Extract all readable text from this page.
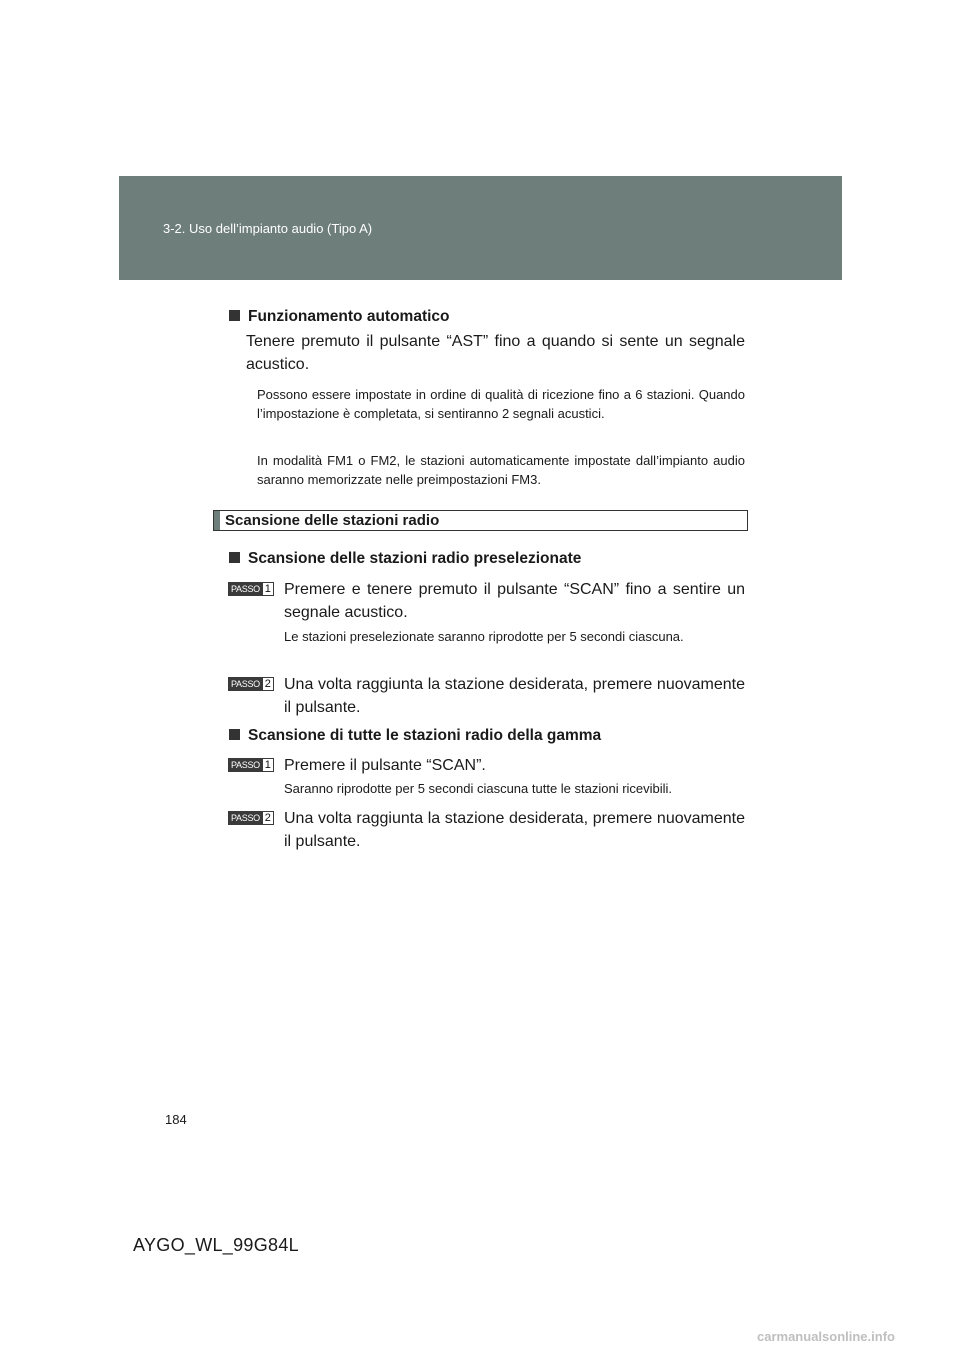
3-2. Uso dell’impianto audio (Tipo A)
Funzionamento automatico
Tenere premuto il pulsante “AST” fino a quando si sente un segnale acustico.
Possono essere impostate in ordine di qualità di ricezione fino a 6 stazioni. Quando l’impostazione è completata, si sentiranno 2 segnali acustici.
In modalità FM1 o FM2, le stazioni automaticamente impostate dall’impianto audio saranno memorizzate nelle preimpostazioni FM3.
Scansione delle stazioni radio
Scansione delle stazioni radio preselezionate
PASSO 1 Premere e tenere premuto il pulsante “SCAN” fino a sentire un segnale acustico.
Le stazioni preselezionate saranno riprodotte per 5 secondi ciascuna.
PASSO 2 Una volta raggiunta la stazione desiderata, premere nuovamente il pulsante.
Scansione di tutte le stazioni radio della gamma
PASSO 1 Premere il pulsante “SCAN”.
Saranno riprodotte per 5 secondi ciascuna tutte le stazioni ricevibili.
PASSO 2 Una volta raggiunta la stazione desiderata, premere nuovamente il pulsante.
184
AYGO_WL_99G84L
carmanualsonline.info
